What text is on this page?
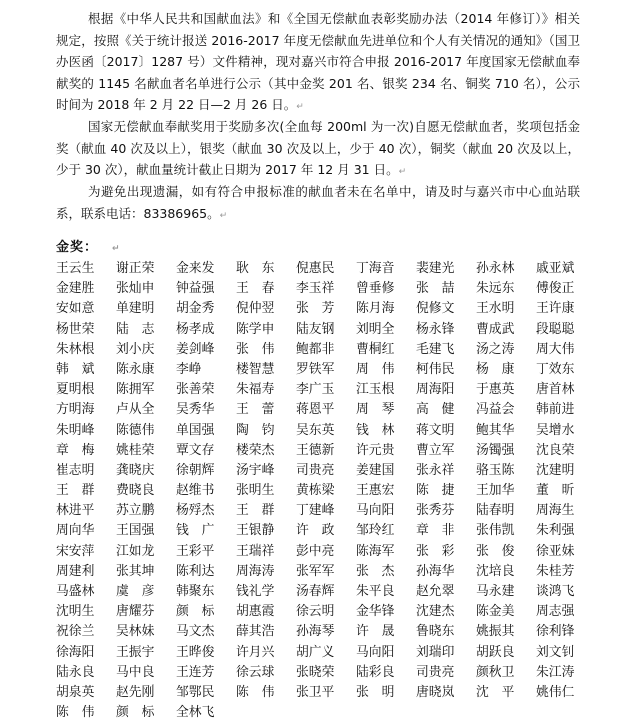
根据《中华人民共和国献血法》和《全国无偿献血表彰奖励办法（2014 年修订）》相关规定，按照《关于统计报送 2016-2017 年度无偿献血先进单位和个人有关情况的通知》（国卫办医函〔2017〕1287 号）文件精神，现对嘉兴市符合申报 2016-2017 年度国家无偿献血奉献奖的 1145 名献血者名单进行公示（其中金奖 201 名、银奖 234 名、铜奖 710 名），公示时间为 2018 年 2 月 22 日—2 月 26 日。↵

国家无偿献血奉献奖用于奖励多次(全血每 200ml 为一次)自愿无偿献血者，奖项包括金奖（献血 40 次及以上），银奖（献血 30 次及以上，少于 40 次），铜奖（献血 20 次及以上，少于 30 次），献血量统计截止日期为 2017 年 12 月 31 日。↵

为避免出现遗漏，如有符合申报标准的献血者未在名单中，请及时与嘉兴市中心血站联系，联系电话：83386965。↵

金奖： ↵
王云生	谢正荣	金来发	耿　东	倪惠民	丁海音	裴建光	孙永林	戚亚斌
金建胜	张灿申	钟益强	王　春	李玉祥	曾垂修	张　喆	朱远东	傅俊正
安如意	单建明	胡金秀	倪仲翌	张　芳	陈月海	倪修文	王水明	王许康
杨世荣	陆　志	杨孝成	陈学申	陆友钢	刘明全	杨永锋	曹成武	段聪聪
朱林根	刘小庆	姜剑峰	张　伟	鲍都非	曹桐红	毛建飞	汤之涛	周大伟
韩　斌	陈永康	李峥	楼智慧	罗铁军	周　伟	柯伟民	杨　康	丁效东
夏明根	陈拥军	张善荣	朱福寿	李广玉	江玉根	周海阳	于惠英	唐首林
方明海	卢从全	吴秀华	王　蕾	蒋恩平	周　琴	高　健	冯益会	韩前进
朱明峰	陈德伟	单国强	陶　钧	吴东英	钱　林	蒋文明	鲍其华	吴增水
章　梅	姚桂荣	覃文存	楼荣杰	王德新	许元贵	曹立军	汤镯强	沈良荣
崔志明	龚晓庆	徐朝辉	汤宇峰	司贵亮	姜建国	张永祥	骆玉陈	沈建明
王　群	费晓良	赵维书	张明生	黄栋梁	王惠宏	陈　捷	王加华	董　昕
林进平	苏立鹏	杨殍杰	王　群	丁建峰	马向阳	张秀芬	陆春明	周海生
周向华	王国强	钱　广	王银静	许　政	邹玲红	章　非	张伟凯	朱利强
宋安萍	江如龙	王彩平	王瑞祥	彭中亮	陈海军	张　彩	张　俊	徐亚妹
周建利	张其坤	陈利达	周海涛	张军军	张　杰	孙海华	沈培良	朱桂芳
马盛林	虞　彦	韩聚东	钱礼学	汤春辉	朱平良	赵允翠	马永建	谈鸿飞
沈明生	唐耀芬	颜　标	胡惠霞	徐云明	金华锋	沈建杰	陈金美	周志强
祝徐兰	吴林妹	马文杰	薛其浩	孙海琴	许　晟	鲁晓东	姚振其	徐利锋
徐海阳	王振宇	王晔俊	许月兴	胡广义	马向阳	刘瑞印	胡跃良	刘文钊
陆永良	马中良	王连芳	徐云球	张晓荣	陆彩良	司贵亮	颜秋卫	朱江涛
胡泉英	赵先刚	邹鄂民	陈　伟	张卫平	张　明	唐晓岚	沈　平	姚伟仁
陈　伟	颜　标	全林飞
